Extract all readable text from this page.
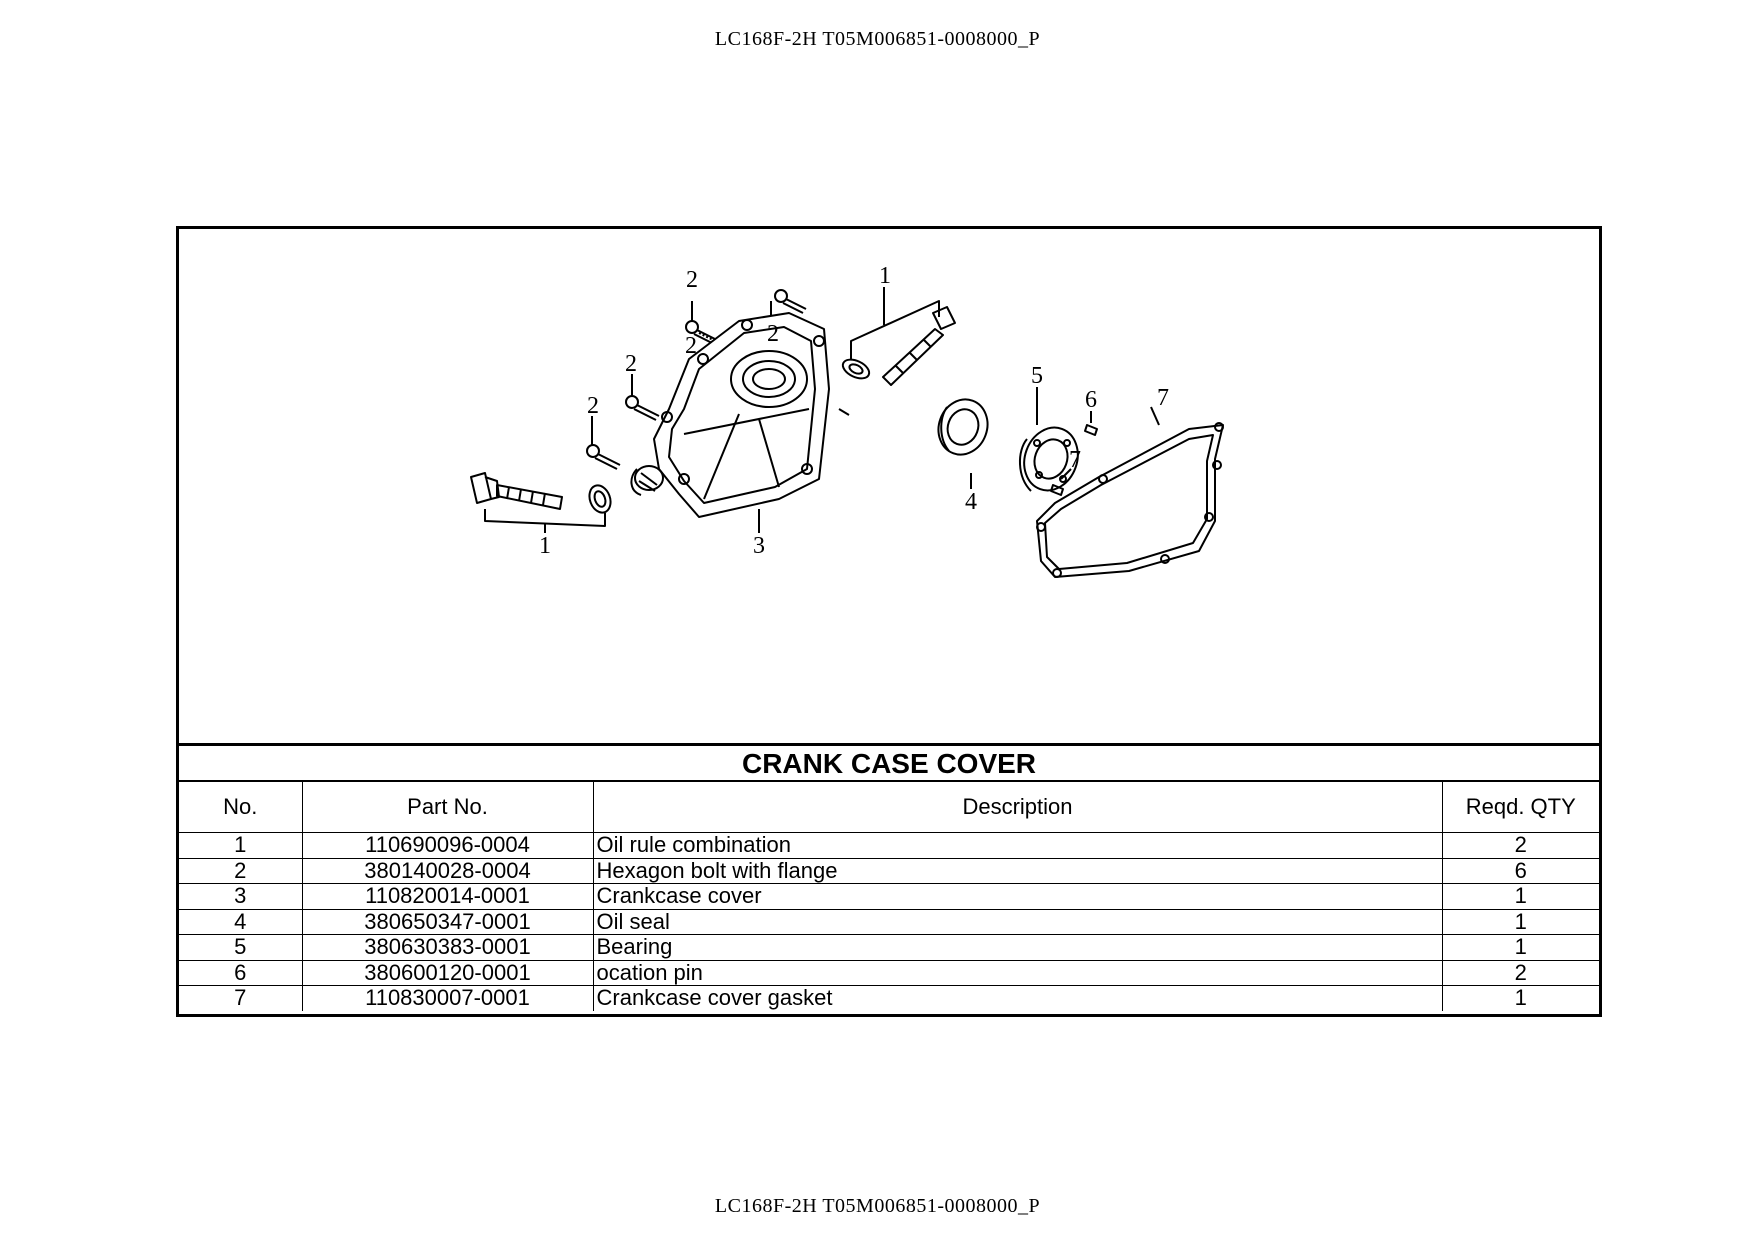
LC168F-2H T05M006851-0008000_P
2
2
2
2
2
1
1	3
4
5
6
7
7
CRANK CASE COVER
No.	Part No.	Description	Reqd. QTY
1	110690096-0004	Oil rule combination	2
2	380140028-0004	Hexagon bolt with flange	6
3	110820014-0001	Crankcase cover	1
4	380650347-0001	Oil seal	1
5	380630383-0001	Bearing	1
6	380600120-0001	ocation pin	2
7	110830007-0001	Crankcase cover gasket	1
LC168F-2H T05M006851-0008000_P
